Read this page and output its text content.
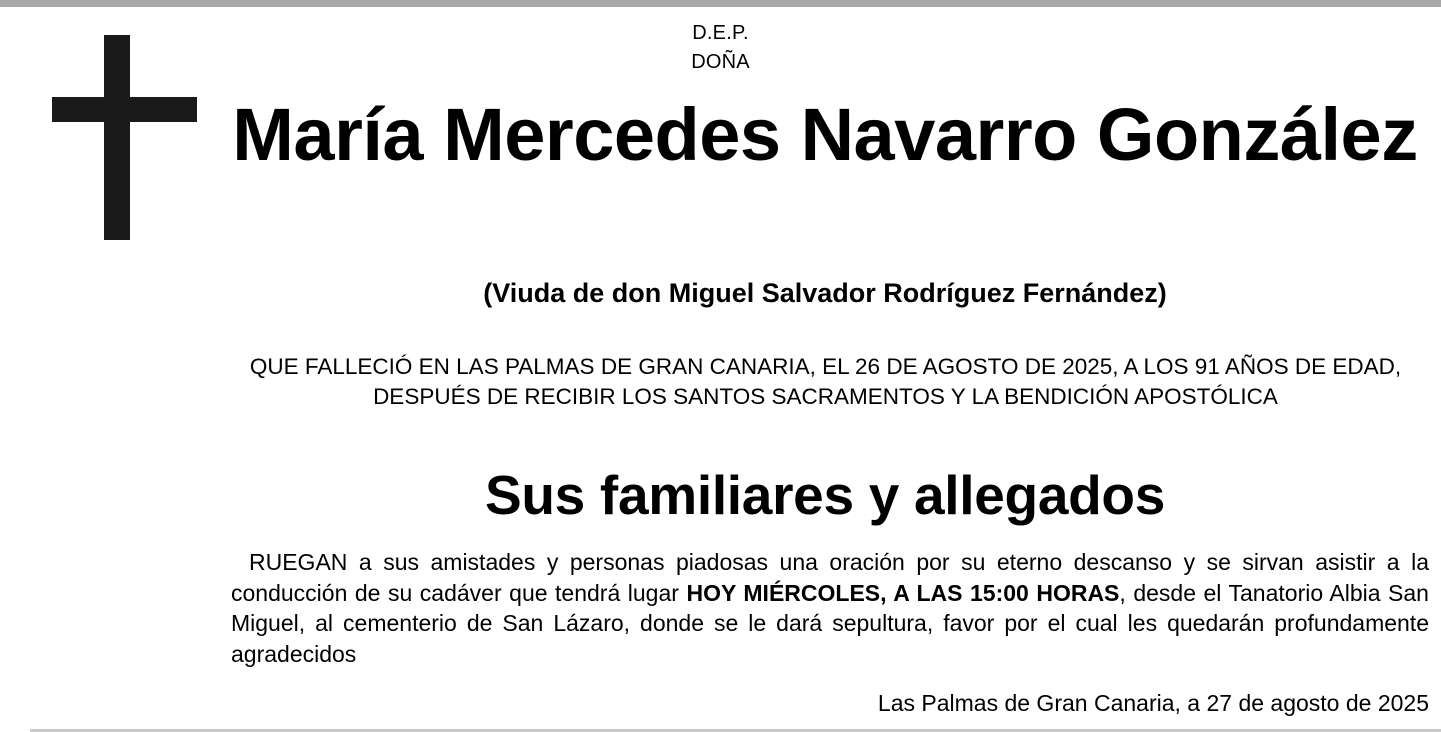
D.E.P.
DOÑA
María Mercedes Navarro González
(Viuda de don Miguel Salvador Rodríguez Fernández)
QUE FALLECIÓ EN LAS PALMAS DE GRAN CANARIA, EL 26 DE AGOSTO DE 2025, A LOS 91 AÑOS DE EDAD, DESPUÉS DE RECIBIR LOS SANTOS SACRAMENTOS Y LA BENDICIÓN APOSTÓLICA
Sus familiares y allegados
RUEGAN a sus amistades y personas piadosas una oración por su eterno descanso y se sirvan asistir a la conducción de su cadáver que tendrá lugar HOY MIÉRCOLES, A LAS 15:00 HORAS, desde el Tanatorio Albia San Miguel, al cementerio de San Lázaro, donde se le dará sepultura, favor por el cual les quedarán profundamente agradecidos
Las Palmas de Gran Canaria, a 27 de agosto de 2025
